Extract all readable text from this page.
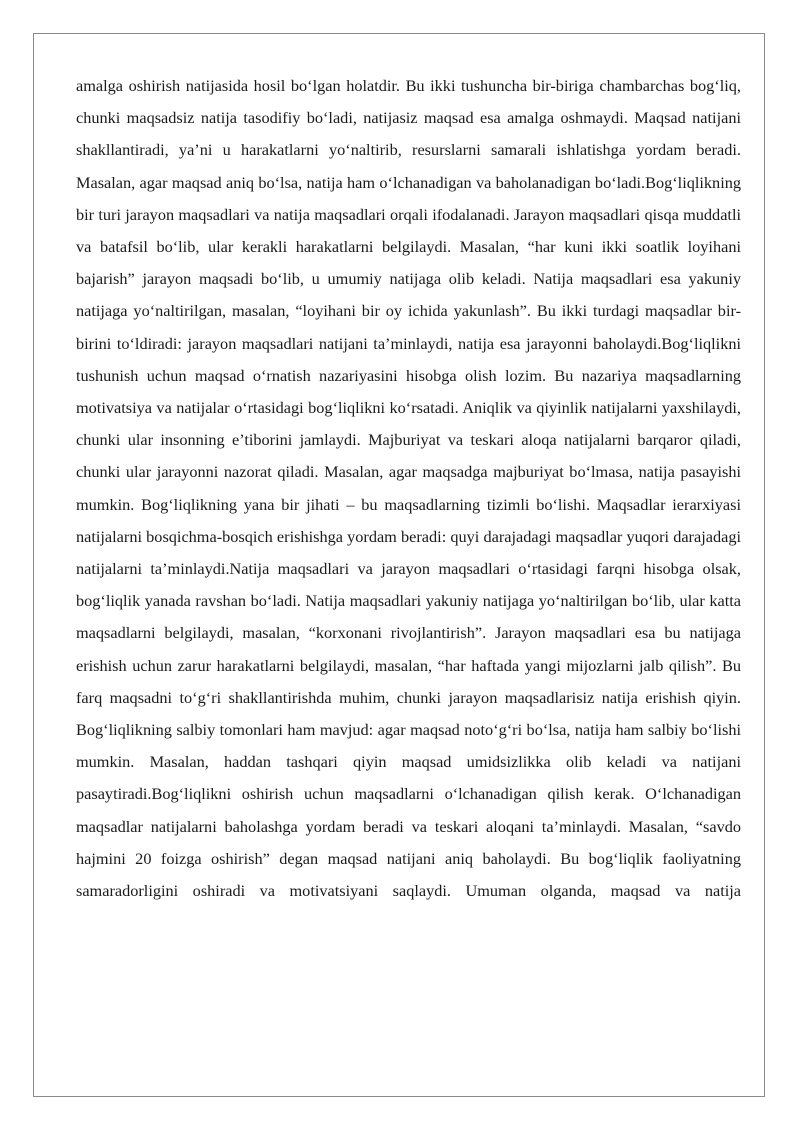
amalga oshirish natijasida hosil bo‘lgan holatdir. Bu ikki tushuncha bir-biriga chambarchas bog‘liq, chunki maqsadsiz natija tasodifiy bo‘ladi, natijasiz maqsad esa amalga oshmaydi. Maqsad natijani shakllantiradi, ya’ni u harakatlarni yo‘naltirib, resurslarni samarali ishlatishga yordam beradi. Masalan, agar maqsad aniq bo‘lsa, natija ham o‘lchanadigan va baholanadigan bo‘ladi.Bog‘liqlikning bir turi jarayon maqsadlari va natija maqsadlari orqali ifodalanadi. Jarayon maqsadlari qisqa muddatli va batafsil bo‘lib, ular kerakli harakatlarni belgilaydi. Masalan, “har kuni ikki soatlik loyihani bajarish” jarayon maqsadi bo‘lib, u umumiy natijaga olib keladi. Natija maqsadlari esa yakuniy natijaga yo‘naltirilgan, masalan, “loyihani bir oy ichida yakunlash”. Bu ikki turdagi maqsadlar bir-birini to‘ldiradi: jarayon maqsadlari natijani ta’minlaydi, natija esa jarayonni baholaydi.Bog‘liqlikni tushunish uchun maqsad o‘rnatish nazariyasini hisobga olish lozim. Bu nazariya maqsadlarning motivatsiya va natijalar o‘rtasidagi bog‘liqlikni ko‘rsatadi. Aniqlik va qiyinlik natijalarni yaxshilaydi, chunki ular insonning e’tiborini jamlaydi. Majburiyat va teskari aloqa natijalarni barqaror qiladi, chunki ular jarayonni nazorat qiladi. Masalan, agar maqsadga majburiyat bo‘lmasa, natija pasayishi mumkin. Bog‘liqlikning yana bir jihati – bu maqsadlarning tizimli bo‘lishi. Maqsadlar ierarxiyasi natijalarni bosqichma-bosqich erishishga yordam beradi: quyi darajadagi maqsadlar yuqori darajadagi natijalarni ta’minlaydi.Natija maqsadlari va jarayon maqsadlari o‘rtasidagi farqni hisobga olsak, bog‘liqlik yanada ravshan bo‘ladi. Natija maqsadlari yakuniy natijaga yo‘naltirilgan bo‘lib, ular katta maqsadlarni belgilaydi, masalan, “korxonani rivojlantirish”. Jarayon maqsadlari esa bu natijaga erishish uchun zarur harakatlarni belgilaydi, masalan, “har haftada yangi mijozlarni jalb qilish”. Bu farq maqsadni to‘g‘ri shakllantirishda muhim, chunki jarayon maqsadlarisiz natija erishish qiyin. Bog‘liqlikning salbiy tomonlari ham mavjud: agar maqsad noto‘g‘ri bo‘lsa, natija ham salbiy bo‘lishi mumkin. Masalan, haddan tashqari qiyin maqsad umidsizlikka olib keladi va natijani pasaytiradi.Bog‘liqlikni oshirish uchun maqsadlarni o‘lchanadigan qilish kerak. O‘lchanadigan maqsadlar natijalarni baholashga yordam beradi va teskari aloqani ta’minlaydi. Masalan, “savdo hajmini 20 foizga oshirish” degan maqsad natijani aniq baholaydi. Bu bog‘liqlik faoliyatning samaradorligini oshiradi va motivatsiyani saqlaydi. Umuman olganda, maqsad va natija
